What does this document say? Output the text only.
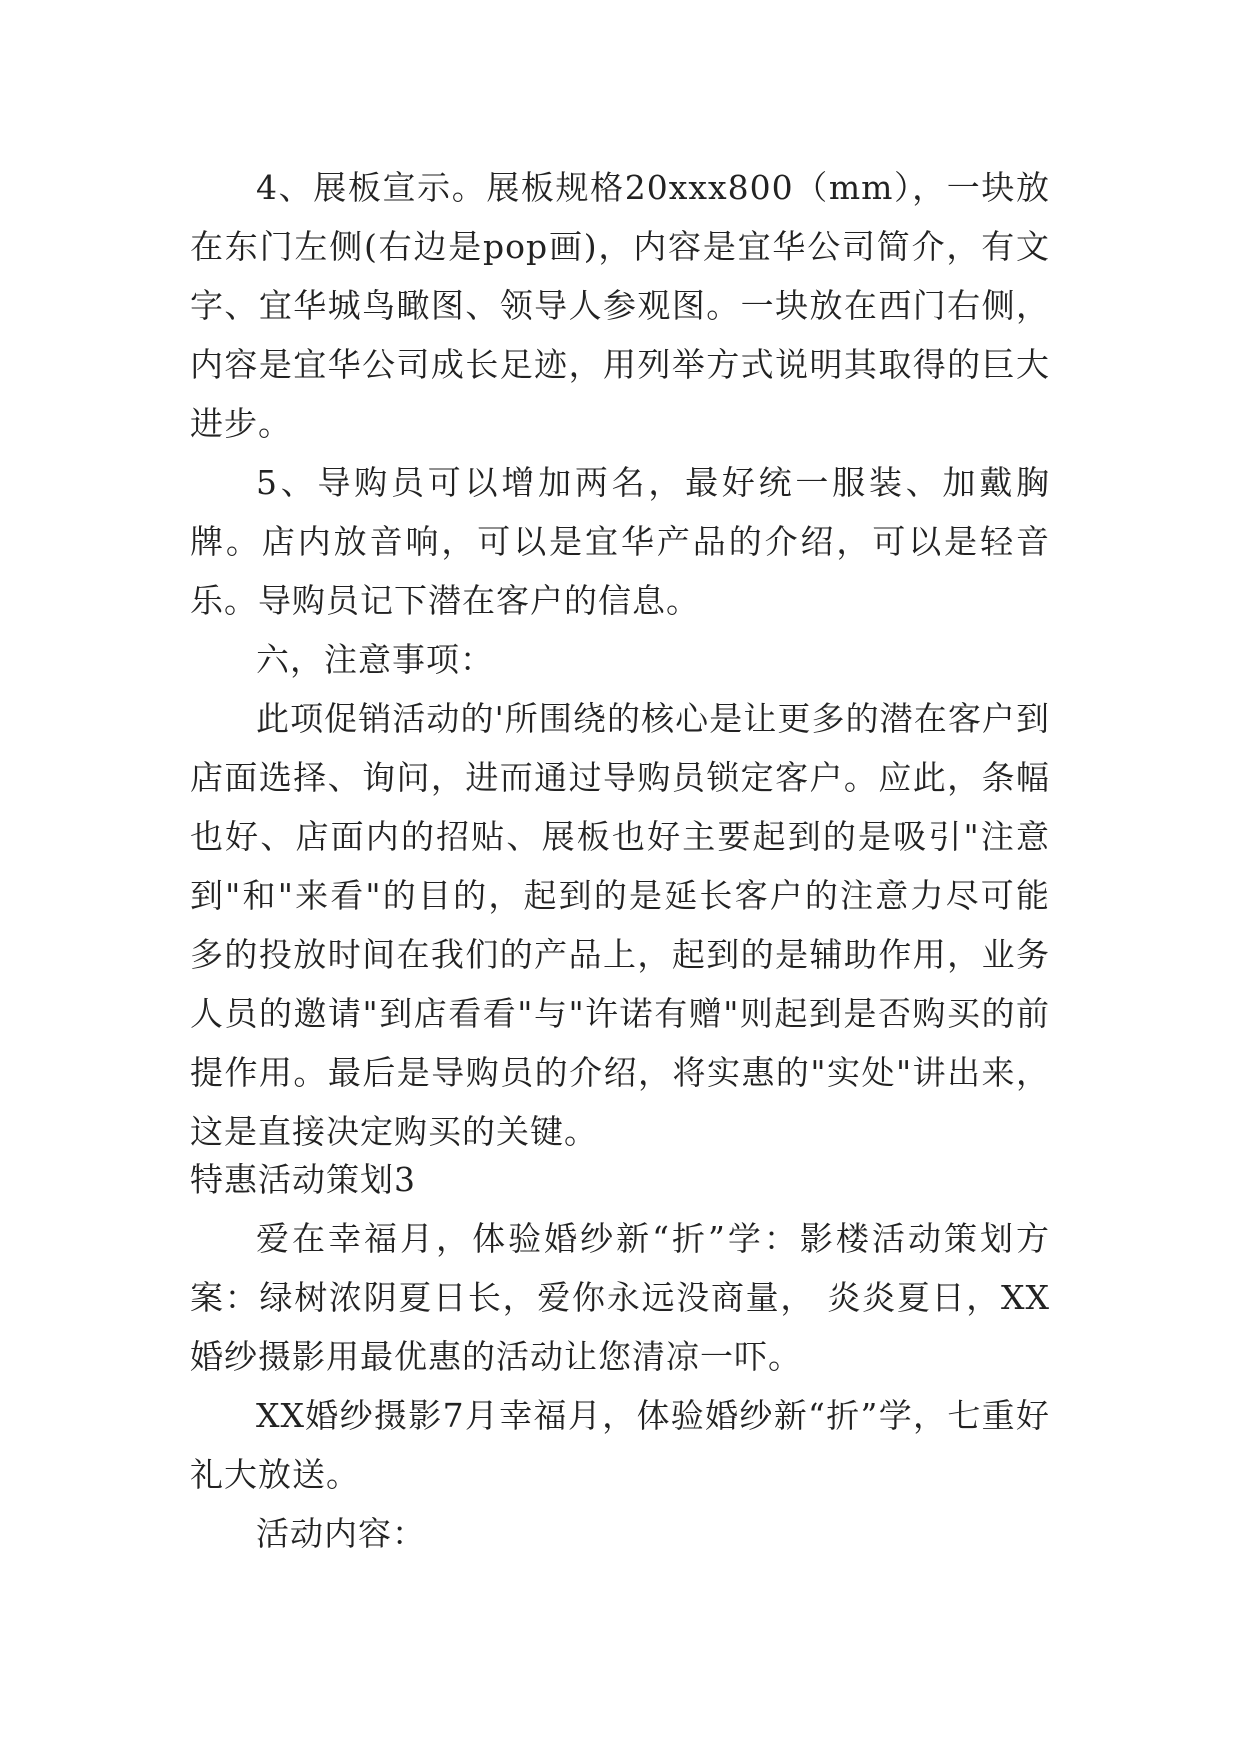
4、展板宣示。展板规格20xxx800（mm），一块放在东门左侧(右边是pop画)，内容是宜华公司简介，有文字、宜华城鸟瞰图、领导人参观图。一块放在西门右侧，内容是宜华公司成长足迹，用列举方式说明其取得的巨大进步。

5、导购员可以增加两名，最好统一服装、加戴胸牌。店内放音响，可以是宜华产品的介绍，可以是轻音乐。导购员记下潜在客户的信息。

六，注意事项：

此项促销活动的'所围绕的核心是让更多的潜在客户到店面选择、询问，进而通过导购员锁定客户。应此，条幅也好、店面内的招贴、展板也好主要起到的是吸引"注意到"和"来看"的目的，起到的是延长客户的注意力尽可能多的投放时间在我们的产品上，起到的是辅助作用，业务人员的邀请"到店看看"与"许诺有赠"则起到是否购买的前提作用。最后是导购员的介绍，将实惠的"实处"讲出来，这是直接决定购买的关键。

特惠活动策划3

爱在幸福月，体验婚纱新“折”学：影楼活动策划方案：绿树浓阴夏日长，爱你永远没商量， 炎炎夏日，XX婚纱摄影用最优惠的活动让您清凉一吓。

XX婚纱摄影7月幸福月，体验婚纱新“折”学，七重好礼大放送。

活动内容：
